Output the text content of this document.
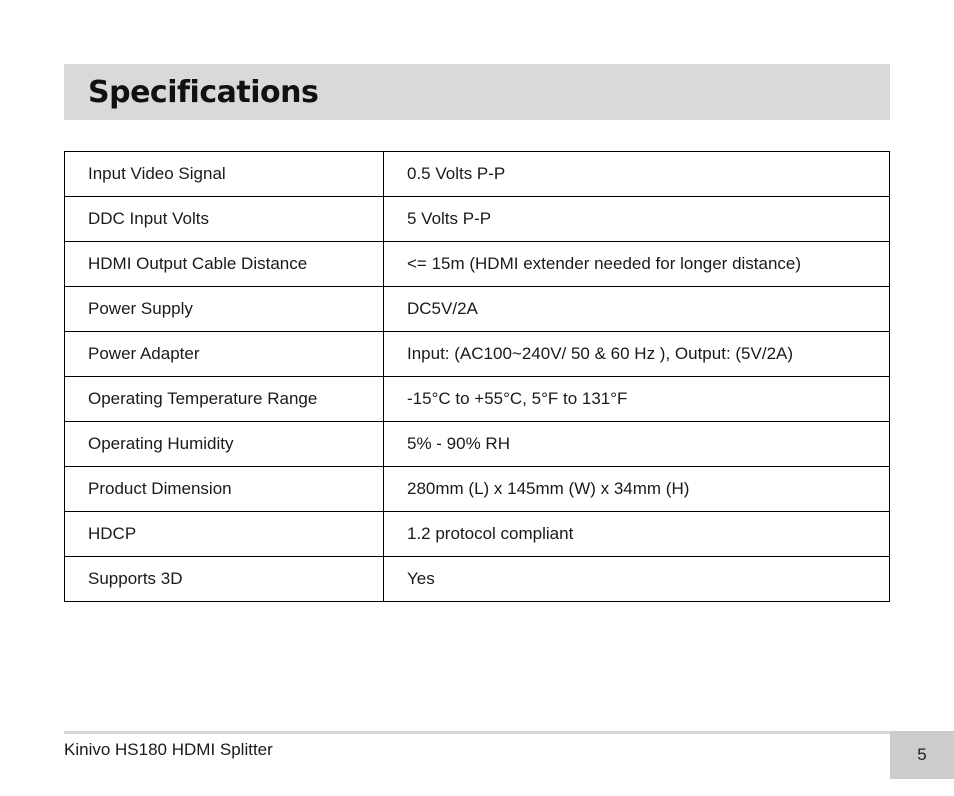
Specifications
Input Video Signal	0.5 Volts P-P
DDC Input Volts	5 Volts P-P
HDMI Output Cable Distance	<= 15m (HDMI extender needed for longer distance)
Power Supply	DC5V/2A
Power Adapter	Input: (AC100~240V/ 50 & 60 Hz ), Output: (5V/2A)
Operating Temperature Range	-15°C to +55°C, 5°F to 131°F
Operating Humidity	5% - 90% RH
Product Dimension	280mm (L) x 145mm (W) x 34mm (H)
HDCP	1.2 protocol compliant
Supports 3D	Yes
Kinivo HS180 HDMI Splitter	5
